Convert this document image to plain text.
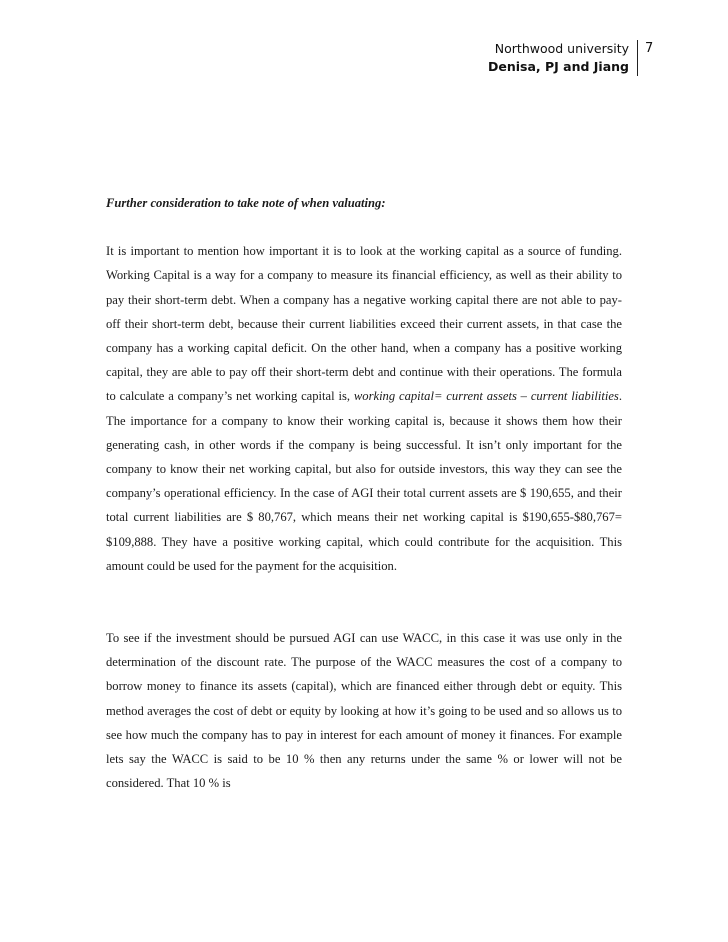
Northwood university
Denisa, PJ and Jiang
7

Further consideration to take note of when valuating:

It is important to mention how important it is to look at the working capital as a source of funding. Working Capital is a way for a company to measure its financial efficiency, as well as their ability to pay their short-term debt. When a company has a negative working capital there are not able to pay-off their short-term debt, because their current liabilities exceed their current assets, in that case the company has a working capital deficit. On the other hand, when a company has a positive working capital, they are able to pay off their short-term debt and continue with their operations. The formula to calculate a company’s net working capital is, working capital= current assets – current liabilities. The importance for a company to know their working capital is, because it shows them how their generating cash, in other words if the company is being successful. It isn’t only important for the company to know their net working capital, but also for outside investors, this way they can see the company’s operational efficiency. In the case of AGI their total current assets are $ 190,655, and their total current liabilities are $ 80,767, which means their net working capital is $190,655-$80,767= $109,888. They have a positive working capital, which could contribute for the acquisition. This amount could be used for the payment for the acquisition.

To see if the investment should be pursued AGI can use WACC, in this case it was use only in the determination of the discount rate. The purpose of the WACC measures the cost of a company to borrow money to finance its assets (capital), which are financed either through debt or equity. This method averages the cost of debt or equity by looking at how it’s going to be used and so allows us to see how much the company has to pay in interest for each amount of money it finances. For example lets say the WACC is said to be 10 % then any returns under the same % or lower will not be considered. That 10 % is
